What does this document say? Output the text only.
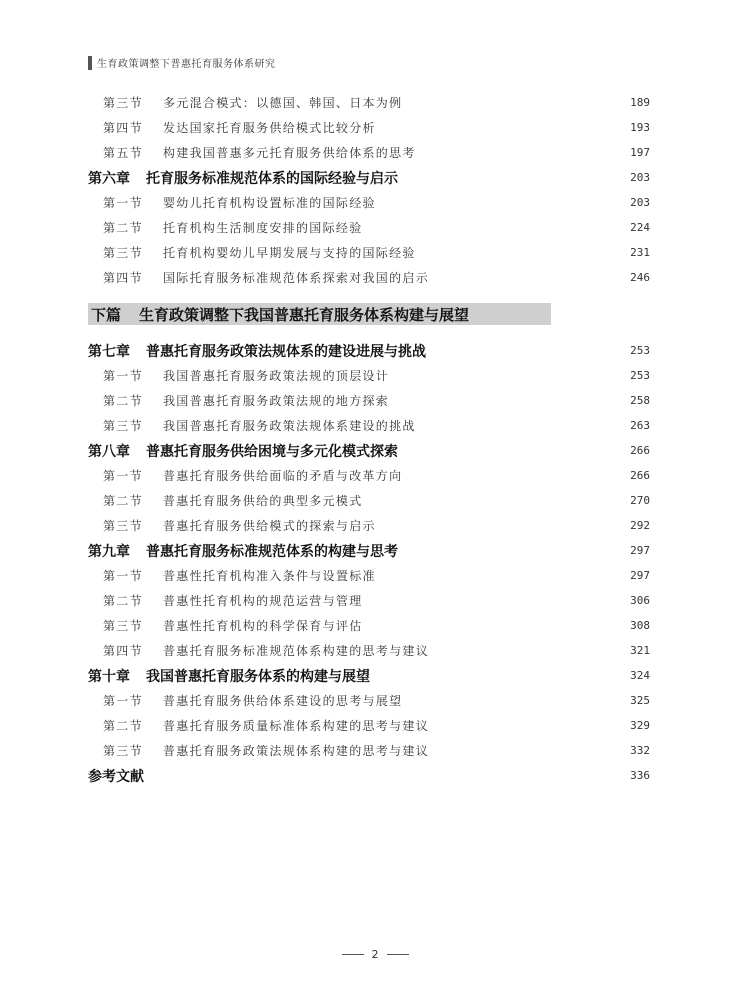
生育政策调整下普惠托育服务体系研究
第三节	多元混合模式：以德国、韩国、日本为例	189
第四节	发达国家托育服务供给模式比较分析	193
第五节	构建我国普惠多元托育服务供给体系的思考	197
第六章	托育服务标准规范体系的国际经验与启示	203
第一节	婴幼儿托育机构设置标准的国际经验	203
第二节	托育机构生活制度安排的国际经验	224
第三节	托育机构婴幼儿早期发展与支持的国际经验	231
第四节	国际托育服务标准规范体系探索对我国的启示	246
下篇 生育政策调整下我国普惠托育服务体系构建与展望
第七章	普惠托育服务政策法规体系的建设进展与挑战	253
第一节	我国普惠托育服务政策法规的顶层设计	253
第二节	我国普惠托育服务政策法规的地方探索	258
第三节	我国普惠托育服务政策法规体系建设的挑战	263
第八章	普惠托育服务供给困境与多元化模式探索	266
第一节	普惠托育服务供给面临的矛盾与改革方向	266
第二节	普惠托育服务供给的典型多元模式	270
第三节	普惠托育服务供给模式的探索与启示	292
第九章	普惠托育服务标准规范体系的构建与思考	297
第一节	普惠性托育机构准入条件与设置标准	297
第二节	普惠性托育机构的规范运营与管理	306
第三节	普惠性托育机构的科学保育与评估	308
第四节	普惠托育服务标准规范体系构建的思考与建议	321
第十章	我国普惠托育服务体系的构建与展望	324
第一节	普惠托育服务供给体系建设的思考与展望	325
第二节	普惠托育服务质量标准体系构建的思考与建议	329
第三节	普惠托育服务政策法规体系构建的思考与建议	332
参考文献	336
2
